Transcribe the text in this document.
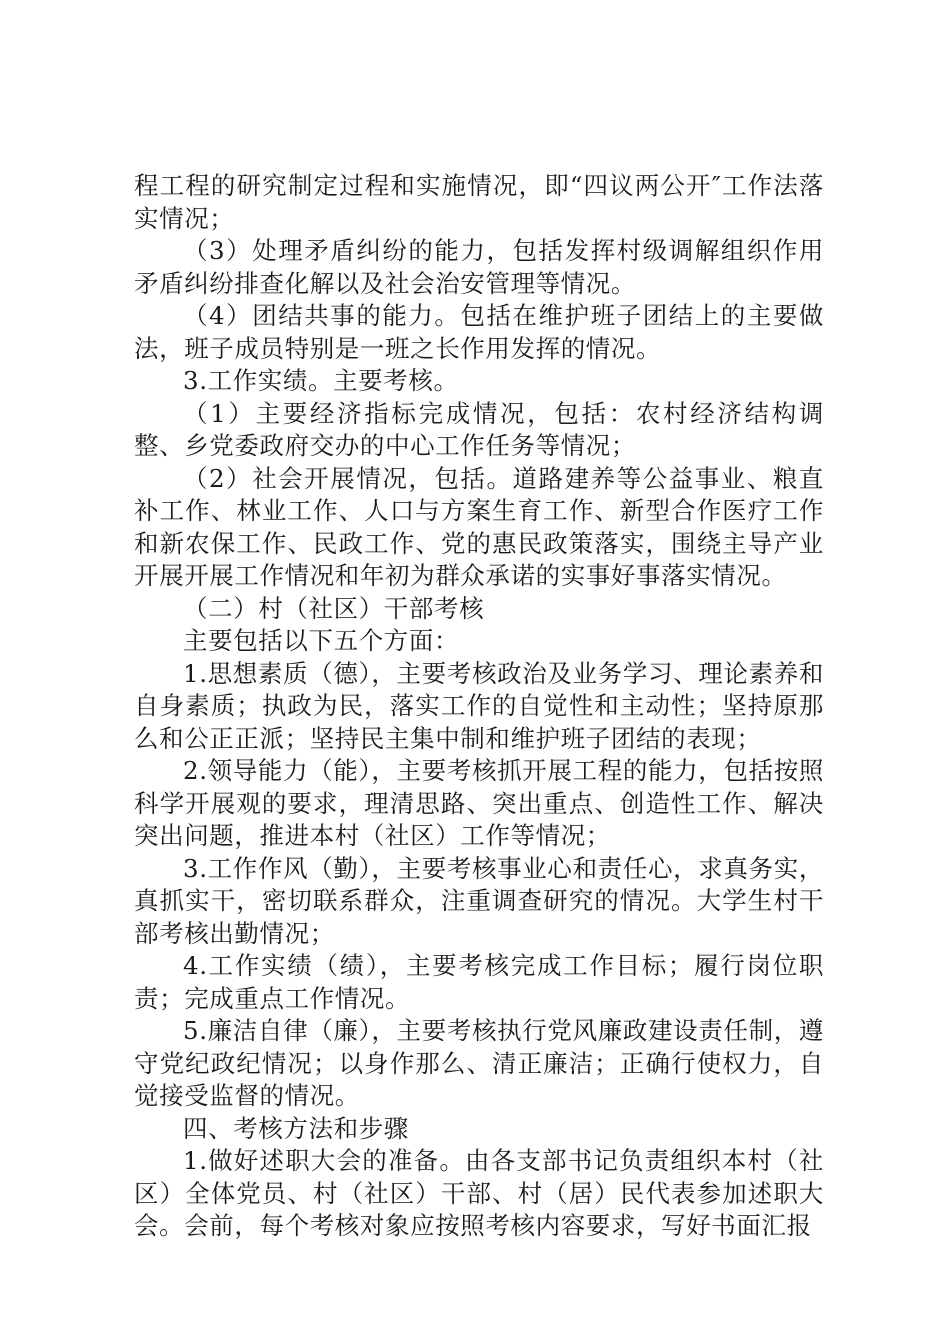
程工程的研究制定过程和实施情况，即“四议两公开″工作法落实情况；

（3）处理矛盾纠纷的能力，包括发挥村级调解组织作用矛盾纠纷排查化解以及社会治安管理等情况。

（4）团结共事的能力。包括在维护班子团结上的主要做法，班子成员特别是一班之长作用发挥的情况。

3.工作实绩。主要考核。

（1）主要经济指标完成情况，包括：农村经济结构调整、乡党委政府交办的中心工作任务等情况；

（2）社会开展情况，包括。道路建养等公益事业、粮直补工作、林业工作、人口与方案生育工作、新型合作医疗工作和新农保工作、民政工作、党的惠民政策落实，围绕主导产业开展开展工作情况和年初为群众承诺的实事好事落实情况。

（二）村（社区）干部考核

主要包括以下五个方面：

1.思想素质（德），主要考核政治及业务学习、理论素养和自身素质；执政为民，落实工作的自觉性和主动性；坚持原那么和公正正派；坚持民主集中制和维护班子团结的表现；

2.领导能力（能），主要考核抓开展工程的能力，包括按照科学开展观的要求，理清思路、突出重点、创造性工作、解决突出问题，推进本村（社区）工作等情况；

3.工作作风（勤），主要考核事业心和责任心，求真务实，真抓实干，密切联系群众，注重调查研究的情况。大学生村干部考核出勤情况；

4.工作实绩（绩），主要考核完成工作目标；履行岗位职责；完成重点工作情况。

5.廉洁自律（廉），主要考核执行党风廉政建设责任制，遵守党纪政纪情况；以身作那么、清正廉洁；正确行使权力，自觉接受监督的情况。

四、考核方法和步骤

1.做好述职大会的准备。由各支部书记负责组织本村（社区）全体党员、村（社区）干部、村（居）民代表参加述职大会。会前，每个考核对象应按照考核内容要求，写好书面汇报
